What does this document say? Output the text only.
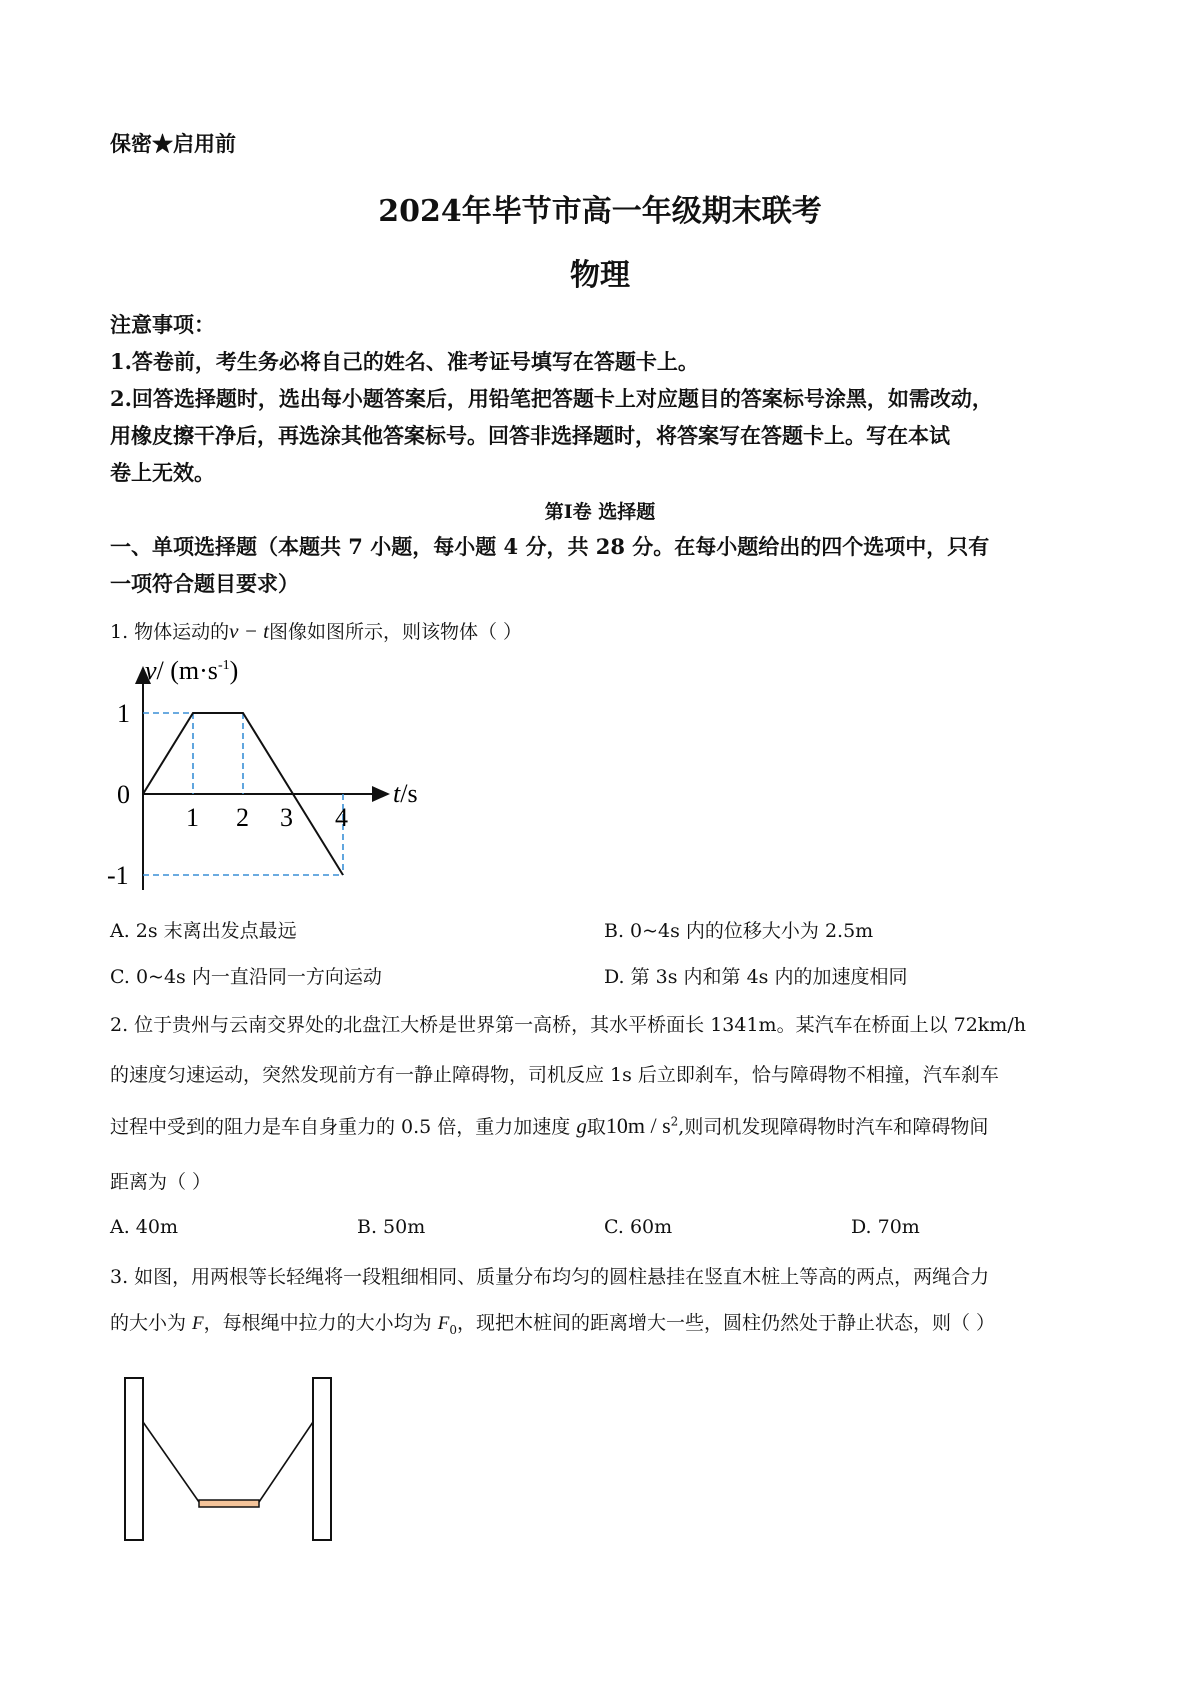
保密★启用前
2024年毕节市高一年级期末联考
物理
注意事项：
1.答卷前，考生务必将自己的姓名、准考证号填写在答题卡上。
2.回答选择题时，选出每小题答案后，用铅笔把答题卡上对应题目的答案标号涂黑，如需改动，
用橡皮擦干净后，再选涂其他答案标号。回答非选择题时，将答案写在答题卡上。写在本试
卷上无效。
第Ⅰ卷 选择题
一、单项选择题（本题共 7 小题，每小题 4 分，共 28 分。在每小题给出的四个选项中，只有
一项符合题目要求）
1. 物体运动的v − t图像如图所示，则该物体（ ）
v/ $(m\cdot s^{-1})$
1
0
-1
1 2 3 4
t/s
A. 2s 末离出发点最远	B. 0~4s 内的位移大小为 2.5m
C. 0~4s 内一直沿同一方向运动	D. 第 3s 内和第 4s 内的加速度相同
2. 位于贵州与云南交界处的北盘江大桥是世界第一高桥，其水平桥面长 1341m。某汽车在桥面上以 72km/h
的速度匀速运动，突然发现前方有一静止障碍物，司机反应 1s 后立即刹车，恰与障碍物不相撞，汽车刹车
过程中受到的阻力是车自身重力的 0.5 倍，重力加速度 g取$10m / s^2$,则司机发现障碍物时汽车和障碍物间
距离为（ ）
A. 40m	B. 50m	C. 60m	D. 70m
3. 如图，用两根等长轻绳将一段粗细相同、质量分布均匀的圆柱悬挂在竖直木桩上等高的两点，两绳合力
的大小为 F，每根绳中拉力的大小均为 $F_0$，现把木桩间的距离增大一些，圆柱仍然处于静止状态，则（ ）
